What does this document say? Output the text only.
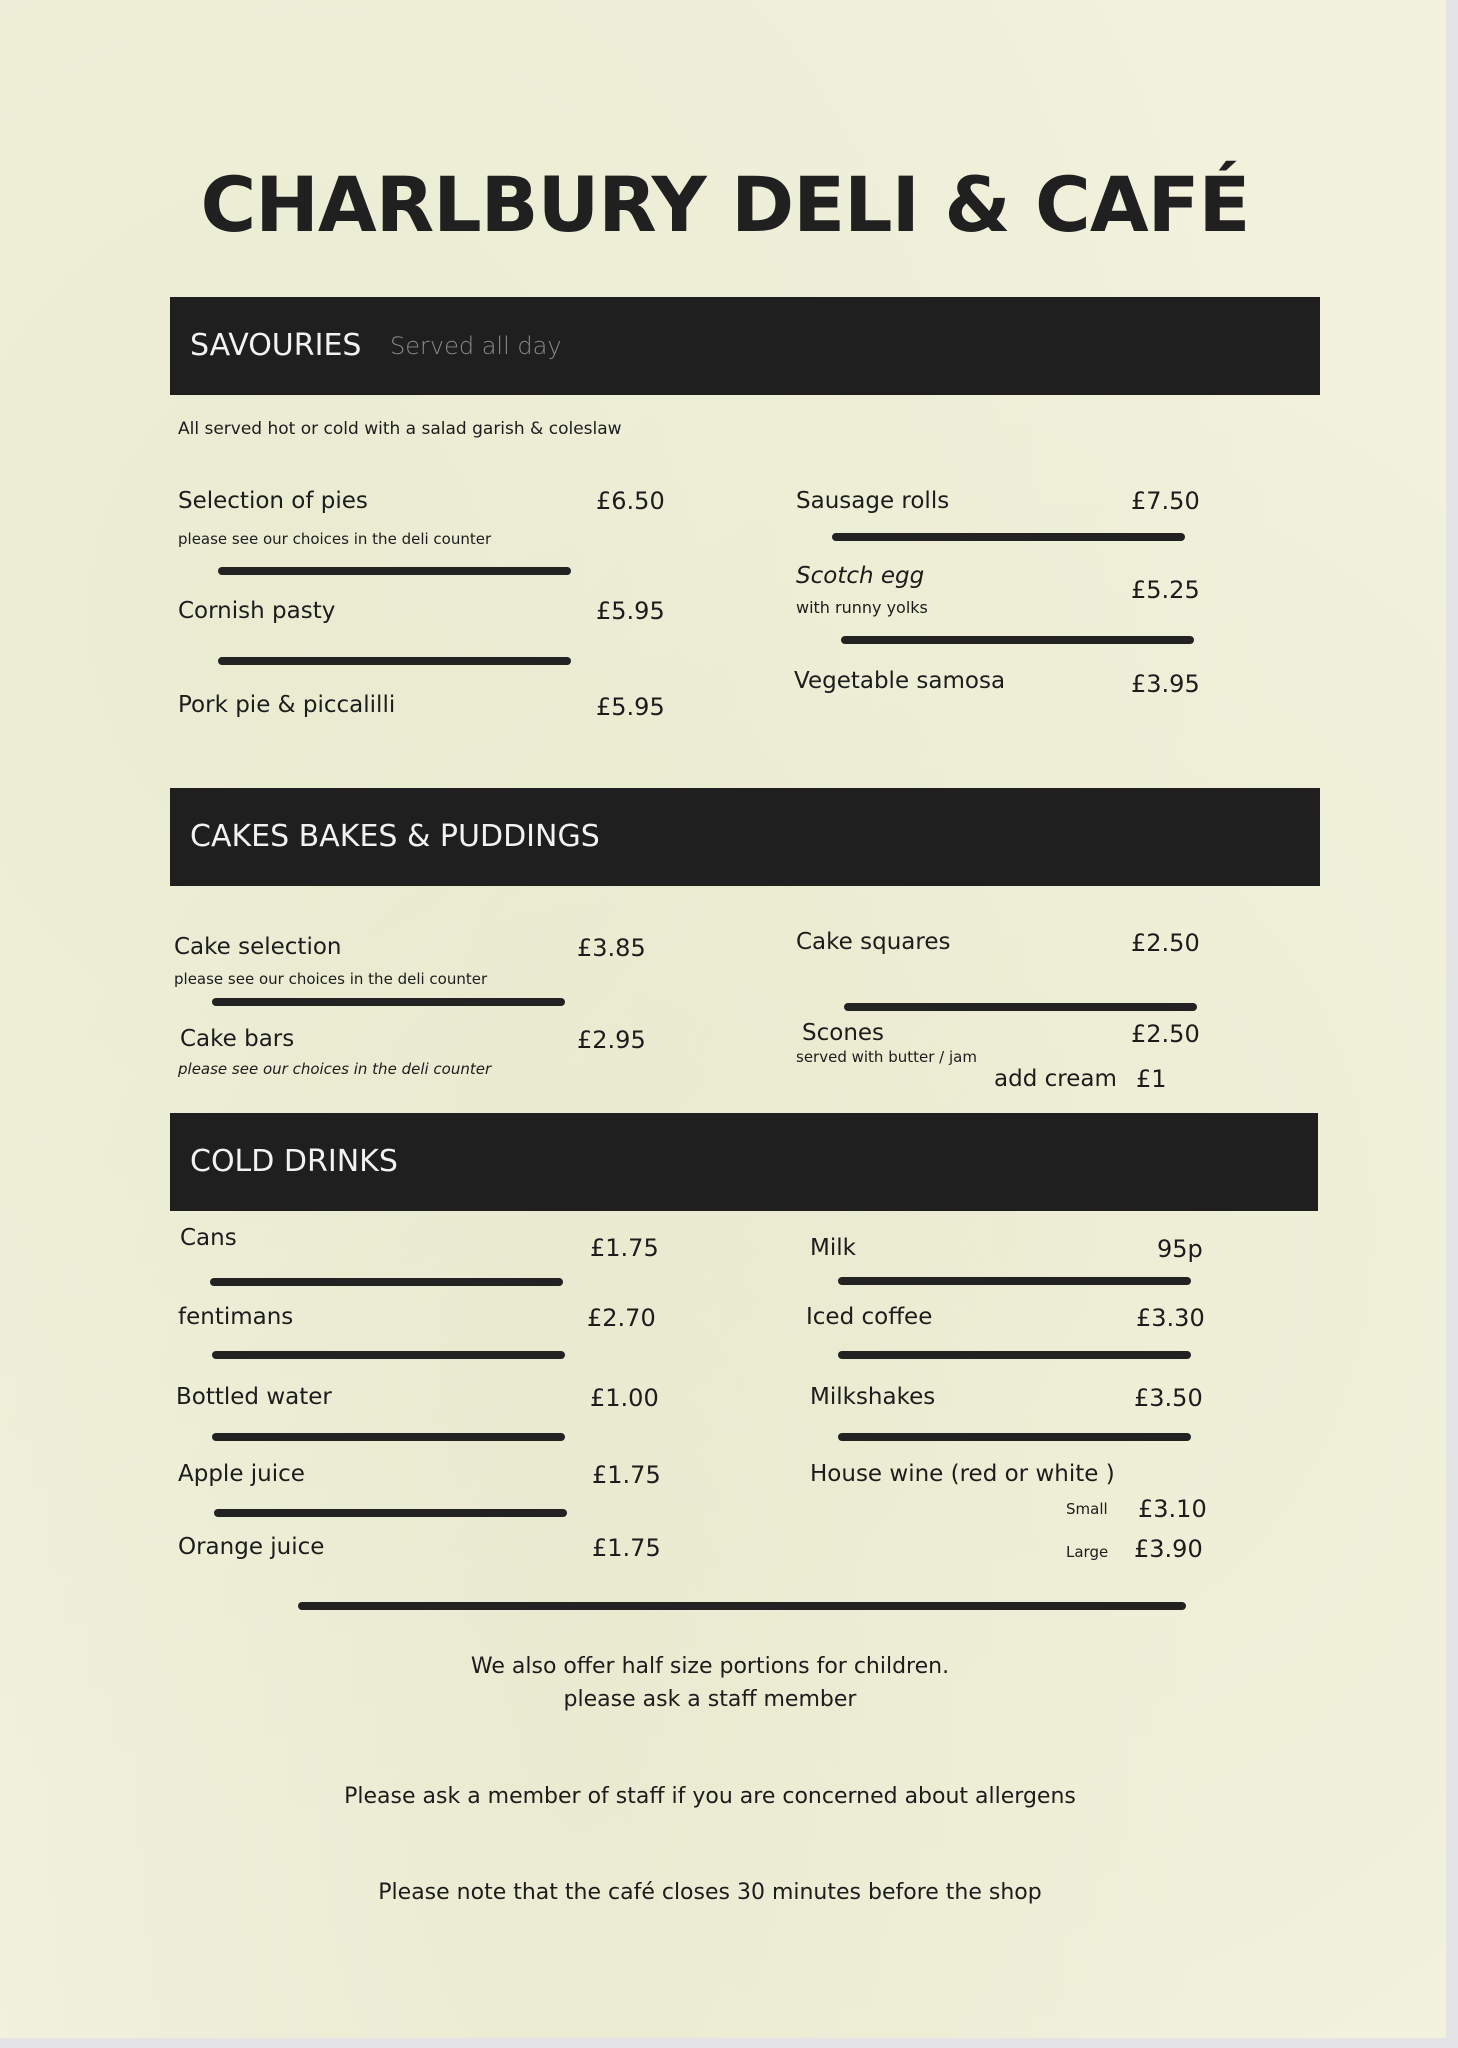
CHARLBURY DELI & CAFÉ
SAVOURIES Served all day
All served hot or cold with a salad garish & coleslaw
Selection of pies	£6.50
please see our choices in the deli counter
Cornish pasty	£5.95
Pork pie & piccalilli	£5.95
Sausage rolls	£7.50
Scotch egg	£5.25
with runny yolks
Vegetable samosa	£3.95
CAKES BAKES & PUDDINGS
Cake selection	£3.85
please see our choices in the deli counter
Cake bars	£2.95
please see our choices in the deli counter
Cake squares	£2.50
Scones	£2.50
served with butter / jam
add cream £1
COLD DRINKS
Cans	£1.75
fentimans	£2.70
Bottled water	£1.00
Apple juice	£1.75
Orange juice	£1.75
Milk	95p
Iced coffee	£3.30
Milkshakes	£3.50
House wine (red or white )
Small £3.10
Large £3.90
We also offer half size portions for children.
please ask a staff member
Please ask a member of staff if you are concerned about allergens
Please note that the café closes 30 minutes before the shop
